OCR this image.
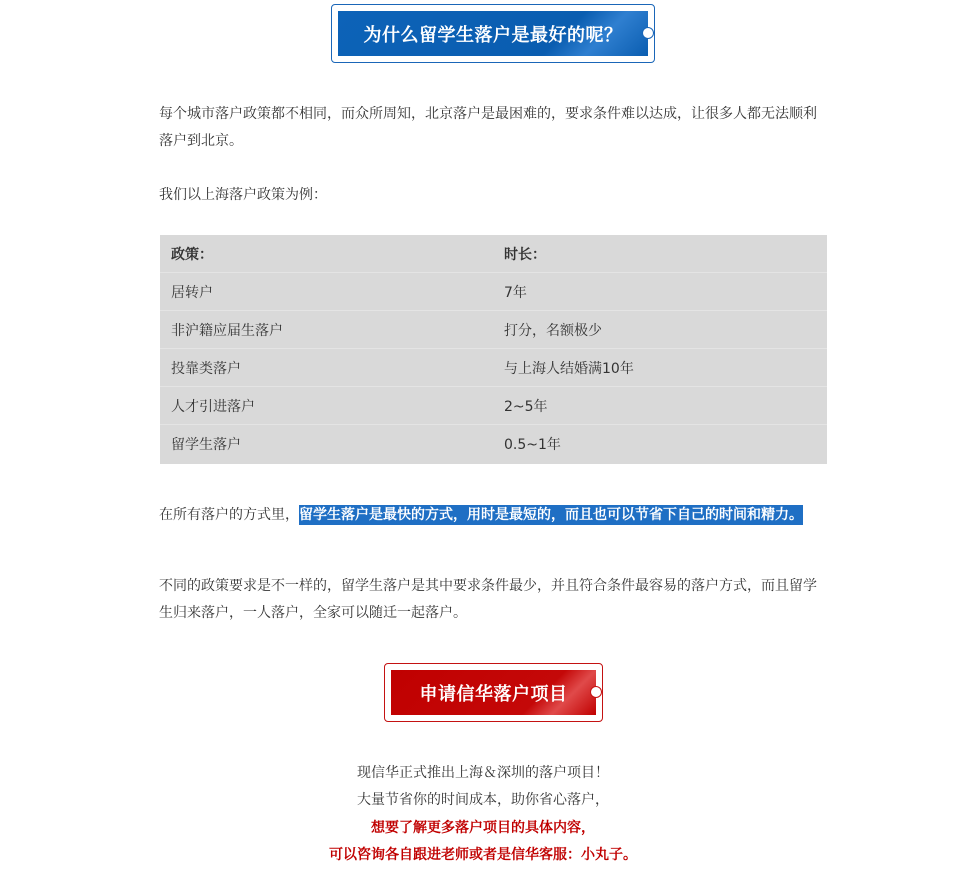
为什么留学生落户是最好的呢？

每个城市落户政策都不相同，而众所周知，北京落户是最困难的，要求条件难以达成，让很多人都无法顺利落户到北京。

我们以上海落户政策为例：

政策：	时长：
居转户	7年
非沪籍应届生落户	打分，名额极少
投靠类落户	与上海人结婚满10年
人才引进落户	2~5年
留学生落户	0.5~1年

在所有落户的方式里，留学生落户是最快的方式，用时是最短的，而且也可以节省下自己的时间和精力。

不同的政策要求是不一样的，留学生落户是其中要求条件最少，并且符合条件最容易的落户方式，而且留学生归来落户，一人落户，全家可以随迁一起落户。

申请信华落户项目
现信华正式推出上海＆深圳的落户项目！
大量节省你的时间成本，助你省心落户，
想要了解更多落户项目的具体内容，
可以咨询各自跟进老师或者是信华客服：小丸子。
